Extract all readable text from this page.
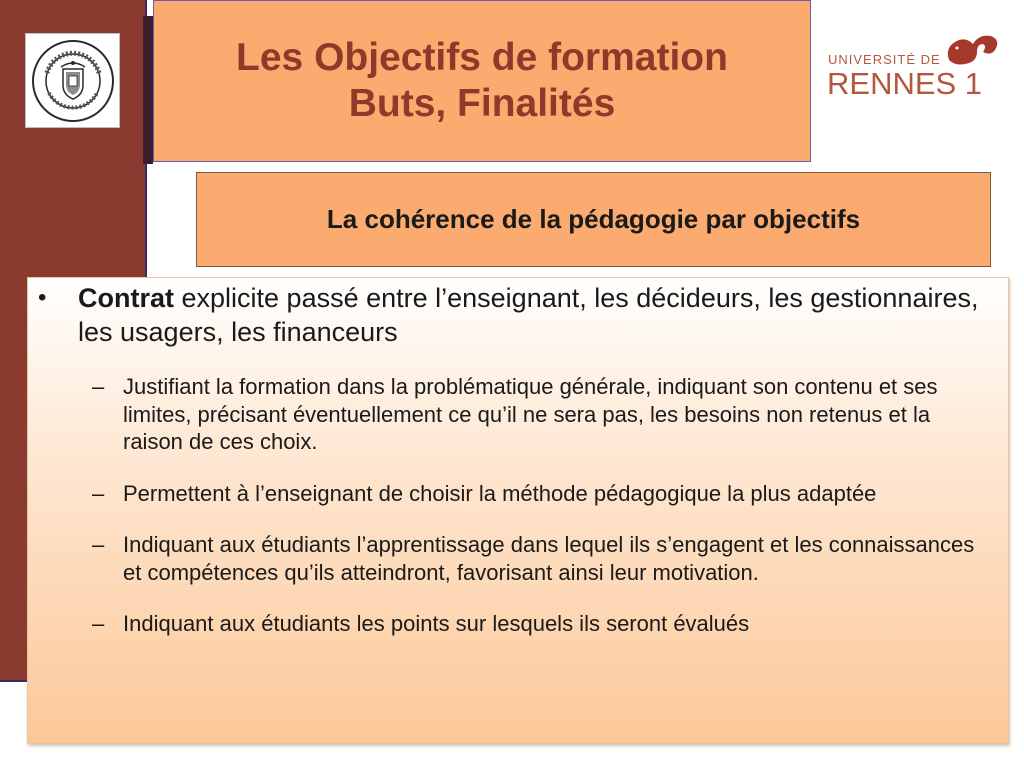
Les Objectifs de formation
Buts, Finalités
UNIVERSITÉ DE
RENNES 1
La cohérence de la pédagogie par objectifs
• Contrat explicite passé entre l’enseignant, les décideurs, les gestionnaires, les usagers, les financeurs
– Justifiant la formation dans la problématique générale, indiquant son contenu et ses limites, précisant éventuellement ce qu’il ne sera pas, les besoins non retenus et la raison de ces choix.
– Permettent à l’enseignant de choisir la méthode pédagogique la plus adaptée
– Indiquant aux étudiants l’apprentissage dans lequel ils s’engagent et les connaissances et compétences qu’ils atteindront, favorisant ainsi leur motivation.
– Indiquant aux étudiants les points sur lesquels ils seront évalués
